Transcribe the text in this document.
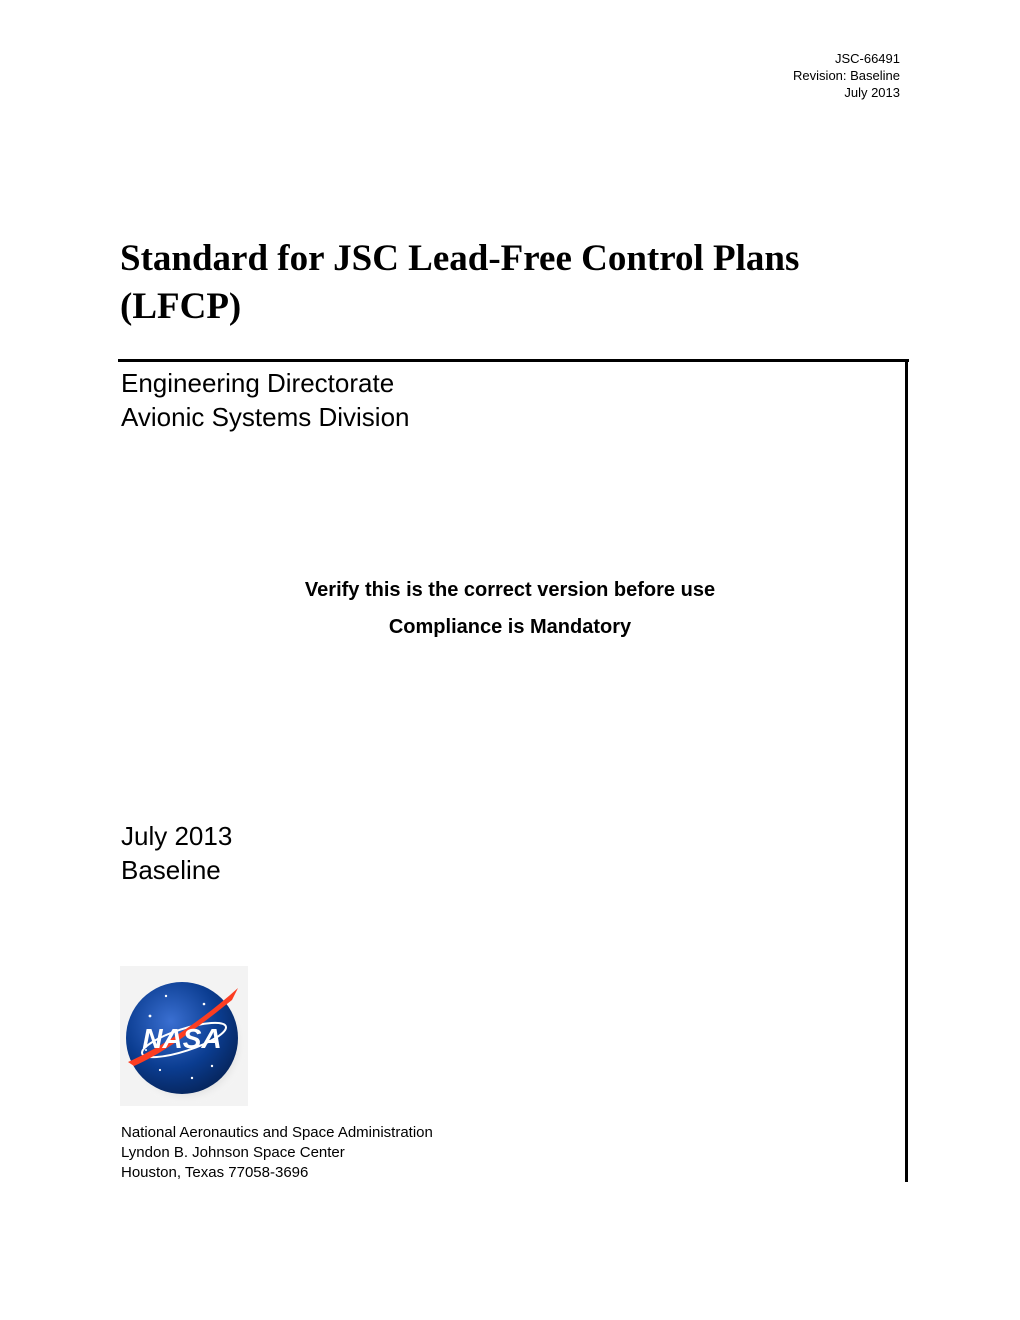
JSC-66491
Revision: Baseline
July 2013
Standard for JSC Lead-Free Control Plans
(LFCP)
Engineering Directorate
Avionic Systems Division
Verify this is the correct version before use
Compliance is Mandatory
July 2013
Baseline
NASA
National Aeronautics and Space Administration
Lyndon B. Johnson Space Center
Houston, Texas 77058-3696
